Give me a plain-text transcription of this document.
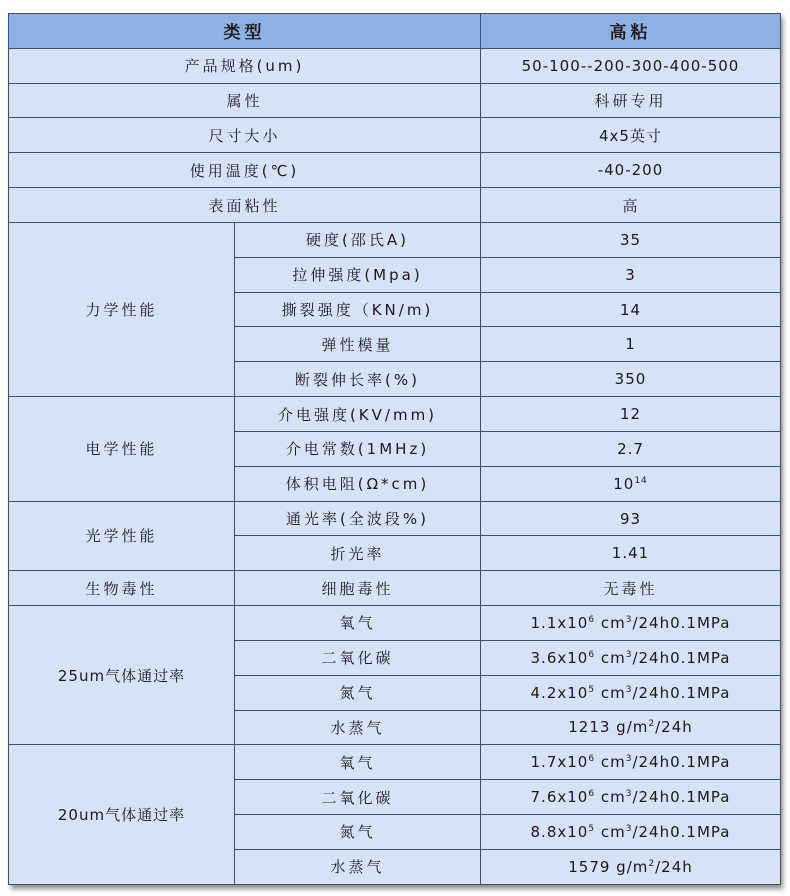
类型		高粘
产品规格(um)		50-100--200-300-400-500
属性		科研专用
尺寸大小		4x5英寸
使用温度(℃)		-40-200
表面粘性		高
力学性能	硬度(邵氏A)	35
	拉伸强度(Mpa)	3
	撕裂强度（KN/m)	14
	弹性模量	1
	断裂伸长率(%)	350
电学性能	介电强度(KV/mm)	12
	介电常数(1MHz)	2.7
	体积电阻(Ω*cm)	$10^{14}$
光学性能	通光率(全波段%)	93
	折光率	1.41
生物毒性	细胞毒性	无毒性
25um气体通过率	氧气	$1.1x10^6$ $cm^3/24h0.1MPa$
	二氧化碳	$3.6x10^6$ $cm^3/24h0.1MPa$
	氮气	$4.2x10^5$ $cm^3/24h0.1MPa$
	水蒸气	1213 $g/m^2/24h$
20um气体通过率	氧气	$1.7x10^6$ $cm^3/24h0.1MPa$
	二氧化碳	$7.6x10^6$ $cm^3/24h0.1MPa$
	氮气	$8.8x10^5$ $cm^3/24h0.1MPa$
	水蒸气	1579 $g/m^2/24h$
